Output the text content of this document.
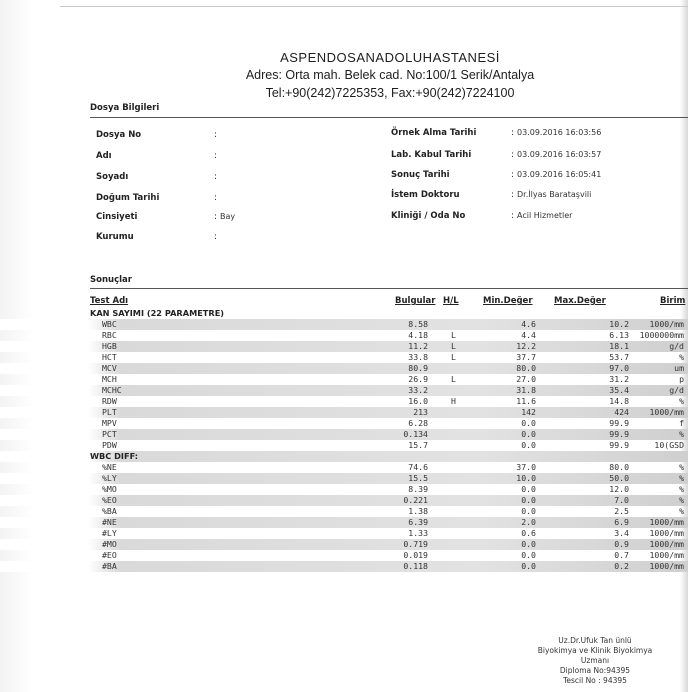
ASPENDOSANADOLUHASTANESİ
Adres: Orta mah. Belek cad. No:100/1 Serik/Antalya
Tel:+90(242)7225353, Fax:+90(242)7224100
Dosya Bilgileri
Dosya No	:
Adı	:
Soyadı	:
Doğum Tarihi	:
Cinsiyeti	: Bay
Kurumu	:
Örnek Alma Tarihi	: 03.09.2016 16:03:56
Lab. Kabul Tarihi	: 03.09.2016 16:03:57
Sonuç Tarihi	: 03.09.2016 16:05:41
İstem Doktoru	: Dr.İlyas Barataşvili
Kliniği / Oda No	: Acil Hizmetler
Sonuçlar
Test Adı	Bulgular H/L	Min.Değer	Max.Değer	Birim
KAN SAYIMI (22 PARAMETRE)
WBC	8.58	4.6	10.2 1000/mm
RBC	4.18	L	4.4	6.13 1000000mm
HGB	11.2	L	12.2	18.1	g/d
HCT	33.8	L	37.7	53.7	%
MCV	80.9	80.0	97.0	um
MCH	26.9	L	27.0	31.2	p
MCHC	33.2	31.8	35.4	g/d
RDW	16.0	H	11.6	14.8	%
PLT	213	142	424 1000/mm
MPV	6.28	0.0	99.9	f
PCT	0.134	0.0	99.9	%
PDW	15.7	0.0	99.9	10(GSD
WBC DIFF:
%NE	74.6	37.0	80.0	%
%LY	15.5	10.0	50.0	%
%MO	8.39	0.0	12.0	%
%EO	0.221	0.0	7.0	%
%BA	1.38	0.0	2.5	%
#NE	6.39	2.0	6.9 1000/mm
#LY	1.33	0.6	3.4 1000/mm
#MO	0.719	0.0	0.9 1000/mm
#EO	0.019	0.0	0.7 1000/mm
#BA	0.118	0.0	0.2 1000/mm
Uz.Dr.Ufuk Tan ünlü
Biyokimya ve Klinik Biyokimya
Uzmanı
Diploma No:94395
Tescil No : 94395
